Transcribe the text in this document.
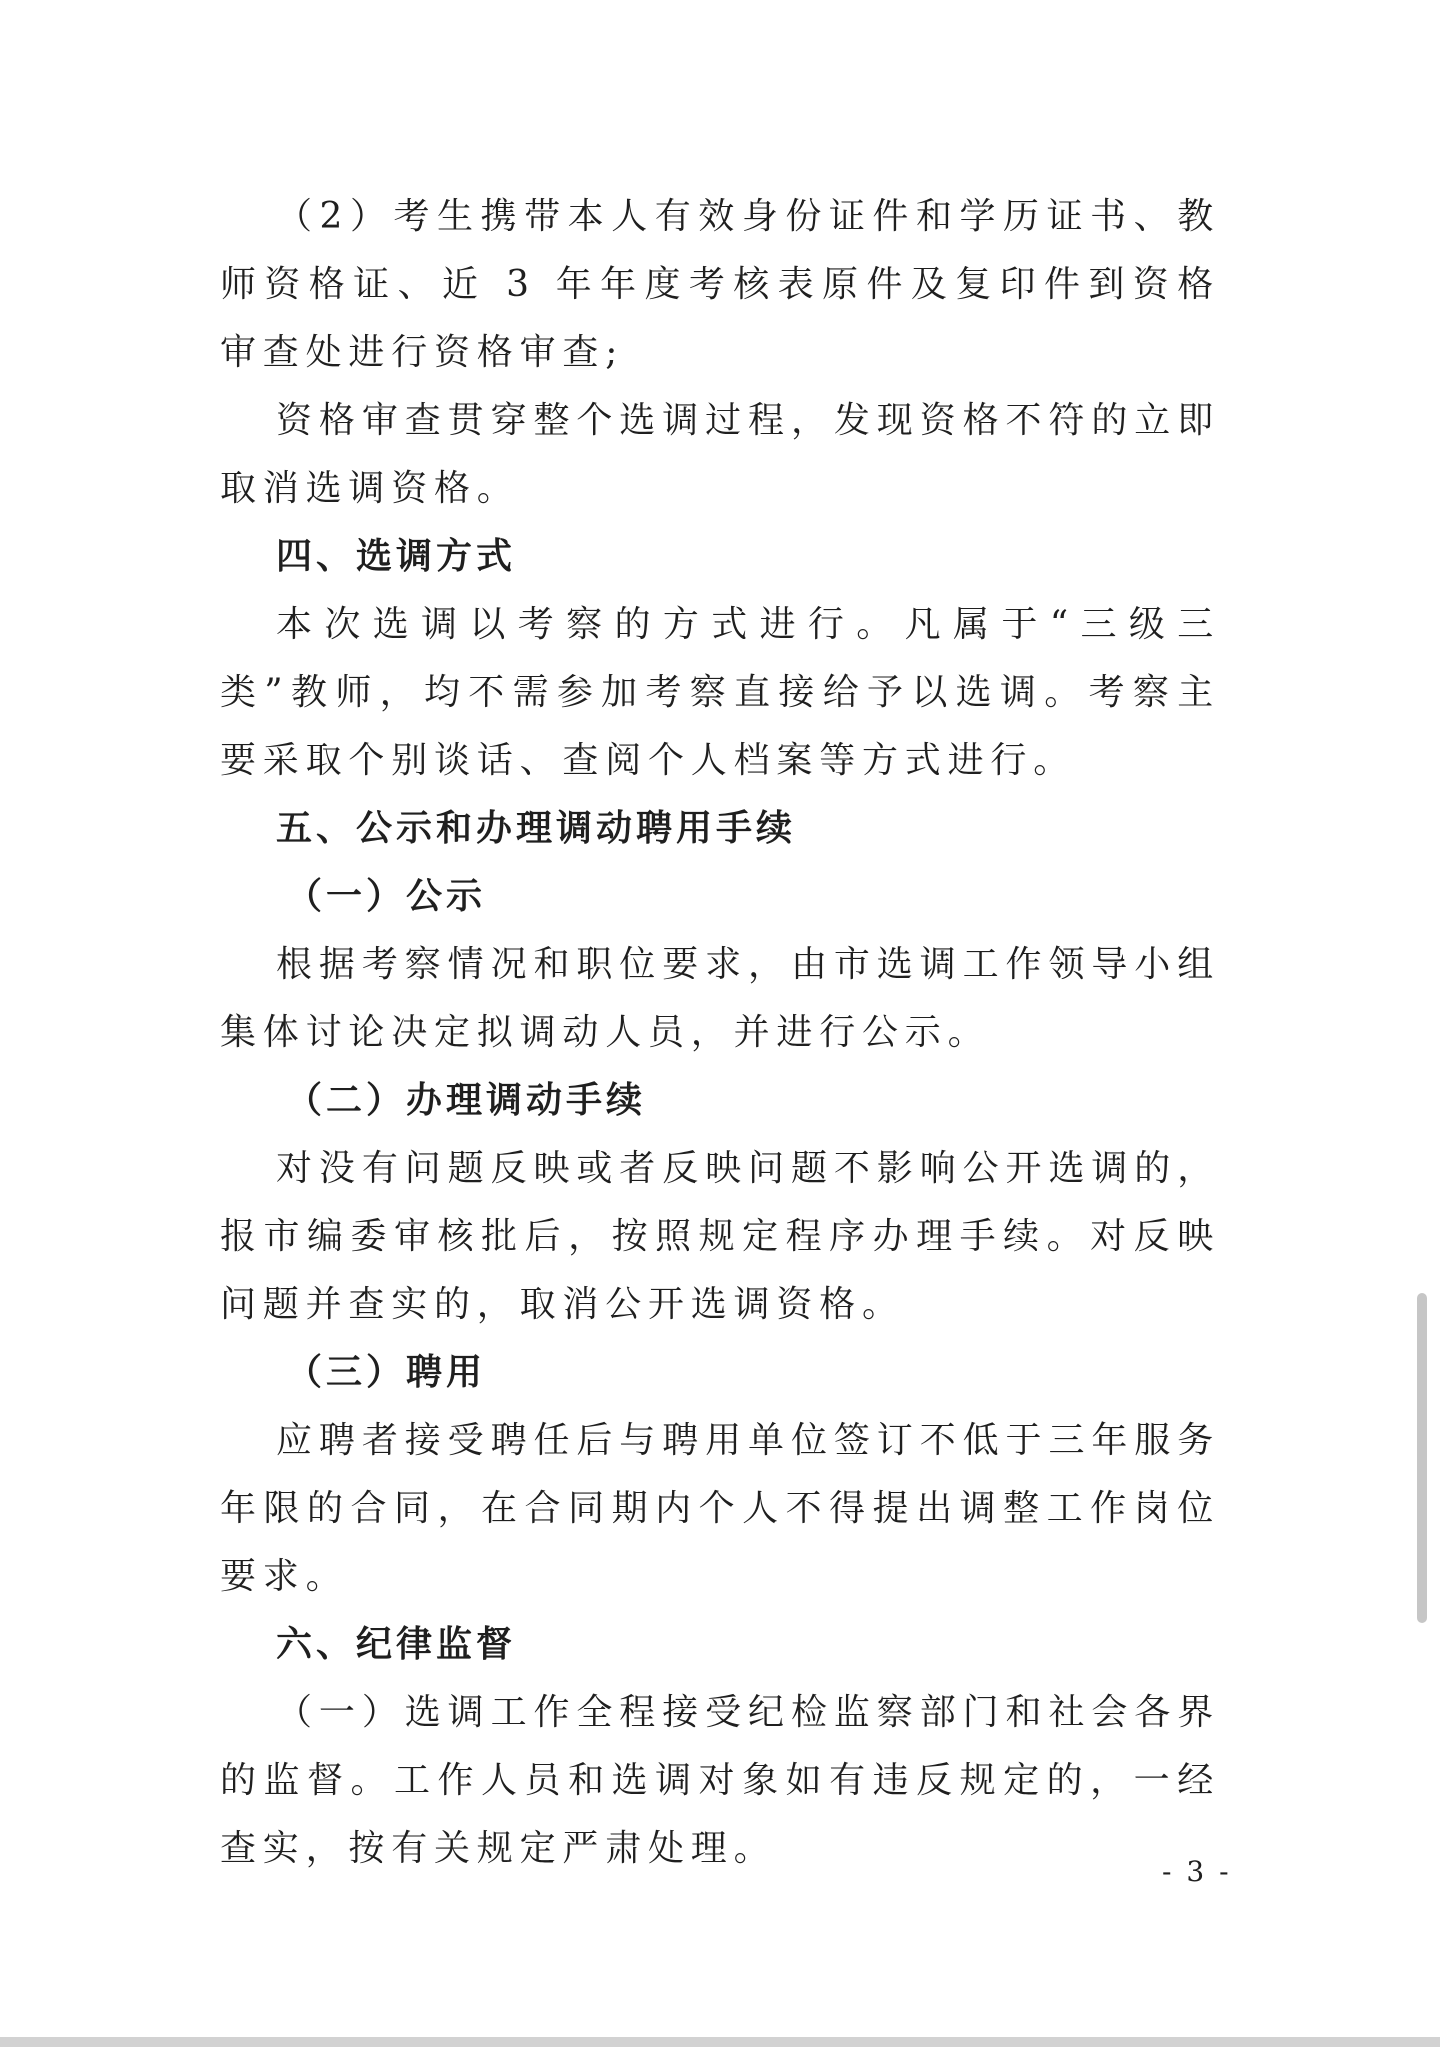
（2）考生携带本人有效身份证件和学历证书、教师资格证、近 3 年年度考核表原件及复印件到资格审查处进行资格审查;

资格审查贯穿整个选调过程，发现资格不符的立即取消选调资格。

四、选调方式

本次选调以考察的方式进行。凡属于“三级三类”教师，均不需参加考察直接给予以选调。考察主要采取个别谈话、查阅个人档案等方式进行。

五、公示和办理调动聘用手续

（一）公示

根据考察情况和职位要求，由市选调工作领导小组集体讨论决定拟调动人员，并进行公示。

（二）办理调动手续

对没有问题反映或者反映问题不影响公开选调的，报市编委审核批后，按照规定程序办理手续。对反映问题并查实的，取消公开选调资格。

（三）聘用

应聘者接受聘任后与聘用单位签订不低于三年服务年限的合同，在合同期内个人不得提出调整工作岗位要求。

六、纪律监督

（一）选调工作全程接受纪检监察部门和社会各界的监督。工作人员和选调对象如有违反规定的，一经查实，按有关规定严肃处理。

- 3 -
